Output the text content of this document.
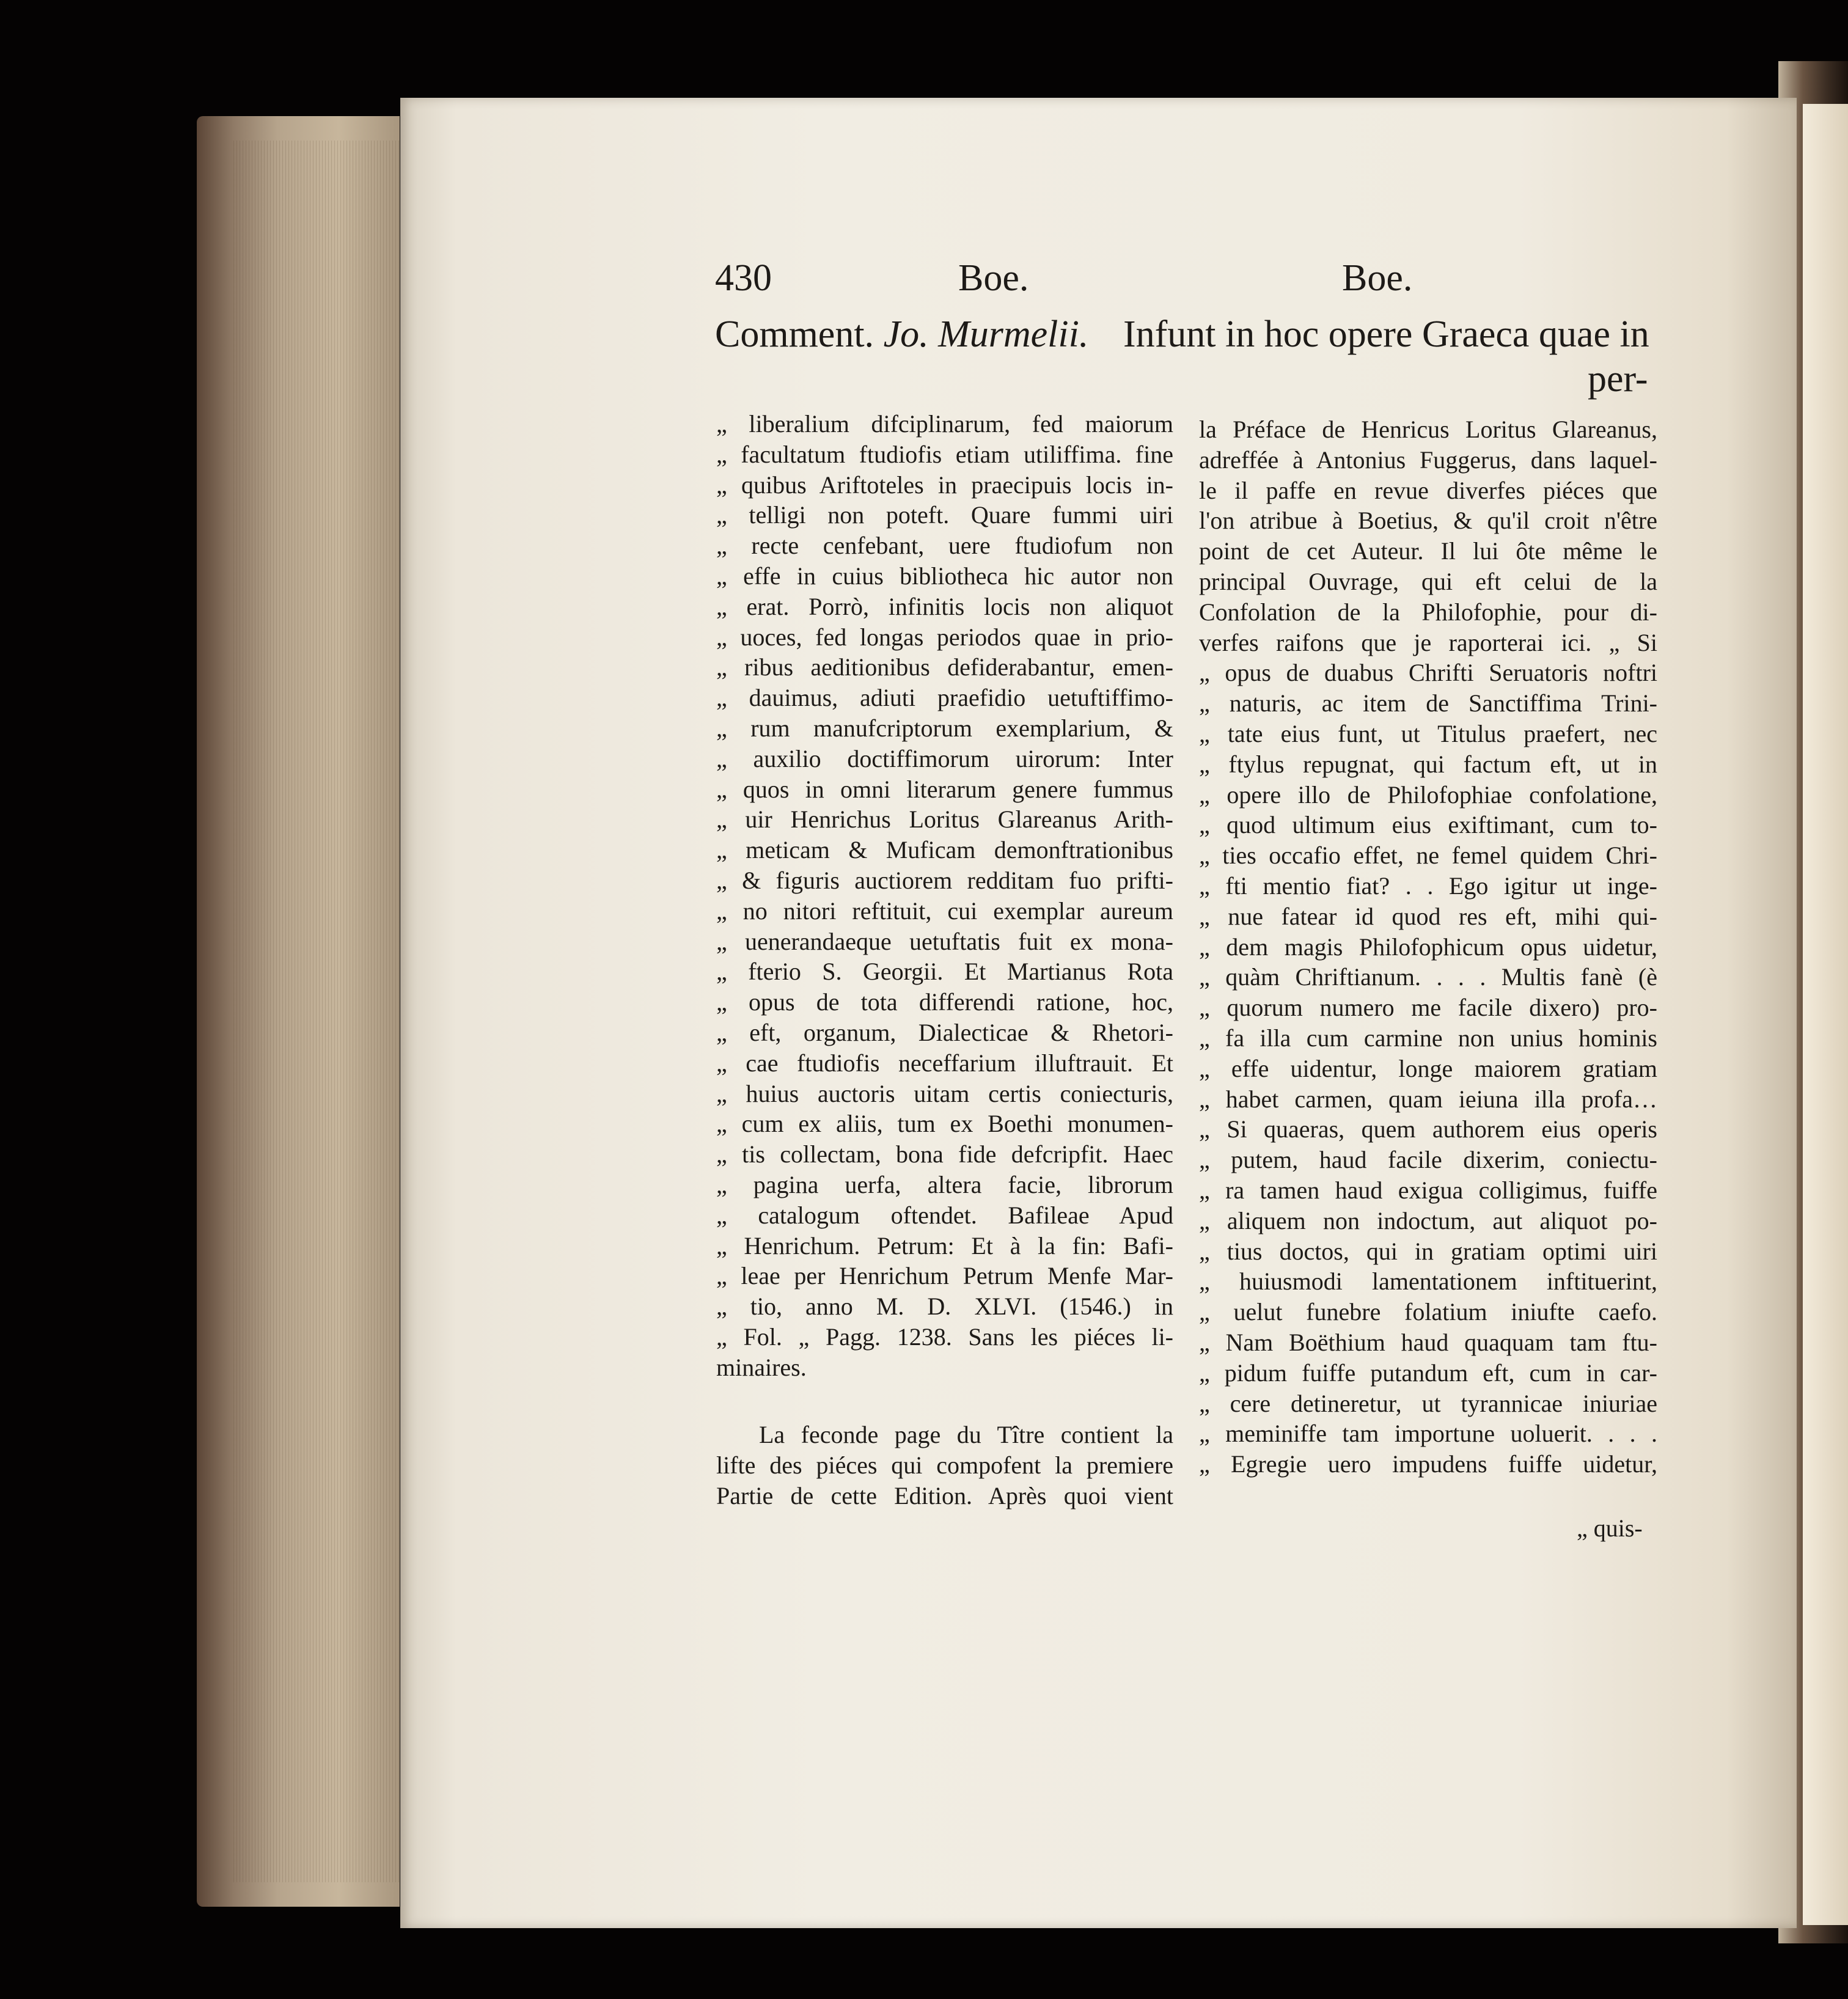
430	Boe.	Boe.
Comment. Jo. Murmelii. Infunt in hoc opere Graeca quae in
per-
„ liberalium difciplinarum, fed maiorum
„ facultatum ftudiofis etiam utiliffima. fine
„ quibus Ariftoteles in praecipuis locis in-
„ telligi non poteft. Quare fummi uiri
„ recte cenfebant, uere ftudiofum non
„ effe in cuius bibliotheca hic autor non
„ erat. Porrò, infinitis locis non aliquot
„ uoces, fed longas periodos quae in prio-
„ ribus aeditionibus defiderabantur, emen-
„ dauimus, adiuti praefidio uetuftiffimo-
„ rum manufcriptorum exemplarium, &
„ auxilio doctiffimorum uirorum: Inter
„ quos in omni literarum genere fummus
„ uir Henrichus Loritus Glareanus Arith-
„ meticam & Muficam demonftrationibus
„ & figuris auctiorem redditam fuo prifti-
„ no nitori reftituit, cui exemplar aureum
„ uenerandaeque uetuftatis fuit ex mona-
„ fterio S. Georgii. Et Martianus Rota
„ opus de tota differendi ratione, hoc,
„ eft, organum, Dialecticae & Rhetori-
„ cae ftudiofis neceffarium illuftrauit. Et
„ huius auctoris uitam certis coniecturis,
„ cum ex aliis, tum ex Boethi monumen-
„ tis collectam, bona fide defcripfit. Haec
„ pagina uerfa, altera facie, librorum
„ catalogum oftendet. Bafileae Apud
„ Henrichum. Petrum: Et à la fin: Bafi-
„ leae per Henrichum Petrum Menfe Mar-
„ tio, anno M. D. XLVI. (1546.) in
„ Fol. „ Pagg. 1238. Sans les piéces li-
minaires.
La feconde page du Tître contient la
lifte des piéces qui compofent la premiere
Partie de cette Edition. Après quoi vient
la Préface de Henricus Loritus Glareanus,
adreffée à Antonius Fuggerus, dans laquel-
le il paffe en revue diverfes piéces que
l'on atribue à Boetius, & qu'il croit n'être
point de cet Auteur. Il lui ôte même le
principal Ouvrage, qui eft celui de la
Confolation de la Philofophie, pour di-
verfes raifons que je raporterai ici. „ Si
„ opus de duabus Chrifti Seruatoris noftri
„ naturis, ac item de Sanctiffima Trini-
„ tate eius funt, ut Titulus praefert, nec
„ ftylus repugnat, qui factum eft, ut in
„ opere illo de Philofophiae confolatione,
„ quod ultimum eius exiftimant, cum to-
„ ties occafio effet, ne femel quidem Chri-
„ fti mentio fiat? . . Ego igitur ut inge-
„ nue fatear id quod res eft, mihi qui-
„ dem magis Philofophicum opus uidetur,
„ quàm Chriftianum. . . . Multis fanè (è
„ quorum numero me facile dixero) pro-
„ fa illa cum carmine non unius hominis
„ effe uidentur, longe maiorem gratiam
„ habet carmen, quam ieiuna illa profa…
„ Si quaeras, quem authorem eius operis
„ putem, haud facile dixerim, coniectu-
„ ra tamen haud exigua colligimus, fuiffe
„ aliquem non indoctum, aut aliquot po-
„ tius doctos, qui in gratiam optimi uiri
„ huiusmodi lamentationem inftituerint,
„ uelut funebre folatium iniufte caefo.
„ Nam Boëthium haud quaquam tam ftu-
„ pidum fuiffe putandum eft, cum in car-
„ cere detineretur, ut tyrannicae iniuriae
„ meminiffe tam importune uoluerit. . . .
„ Egregie uero impudens fuiffe uidetur,
„ quis-
